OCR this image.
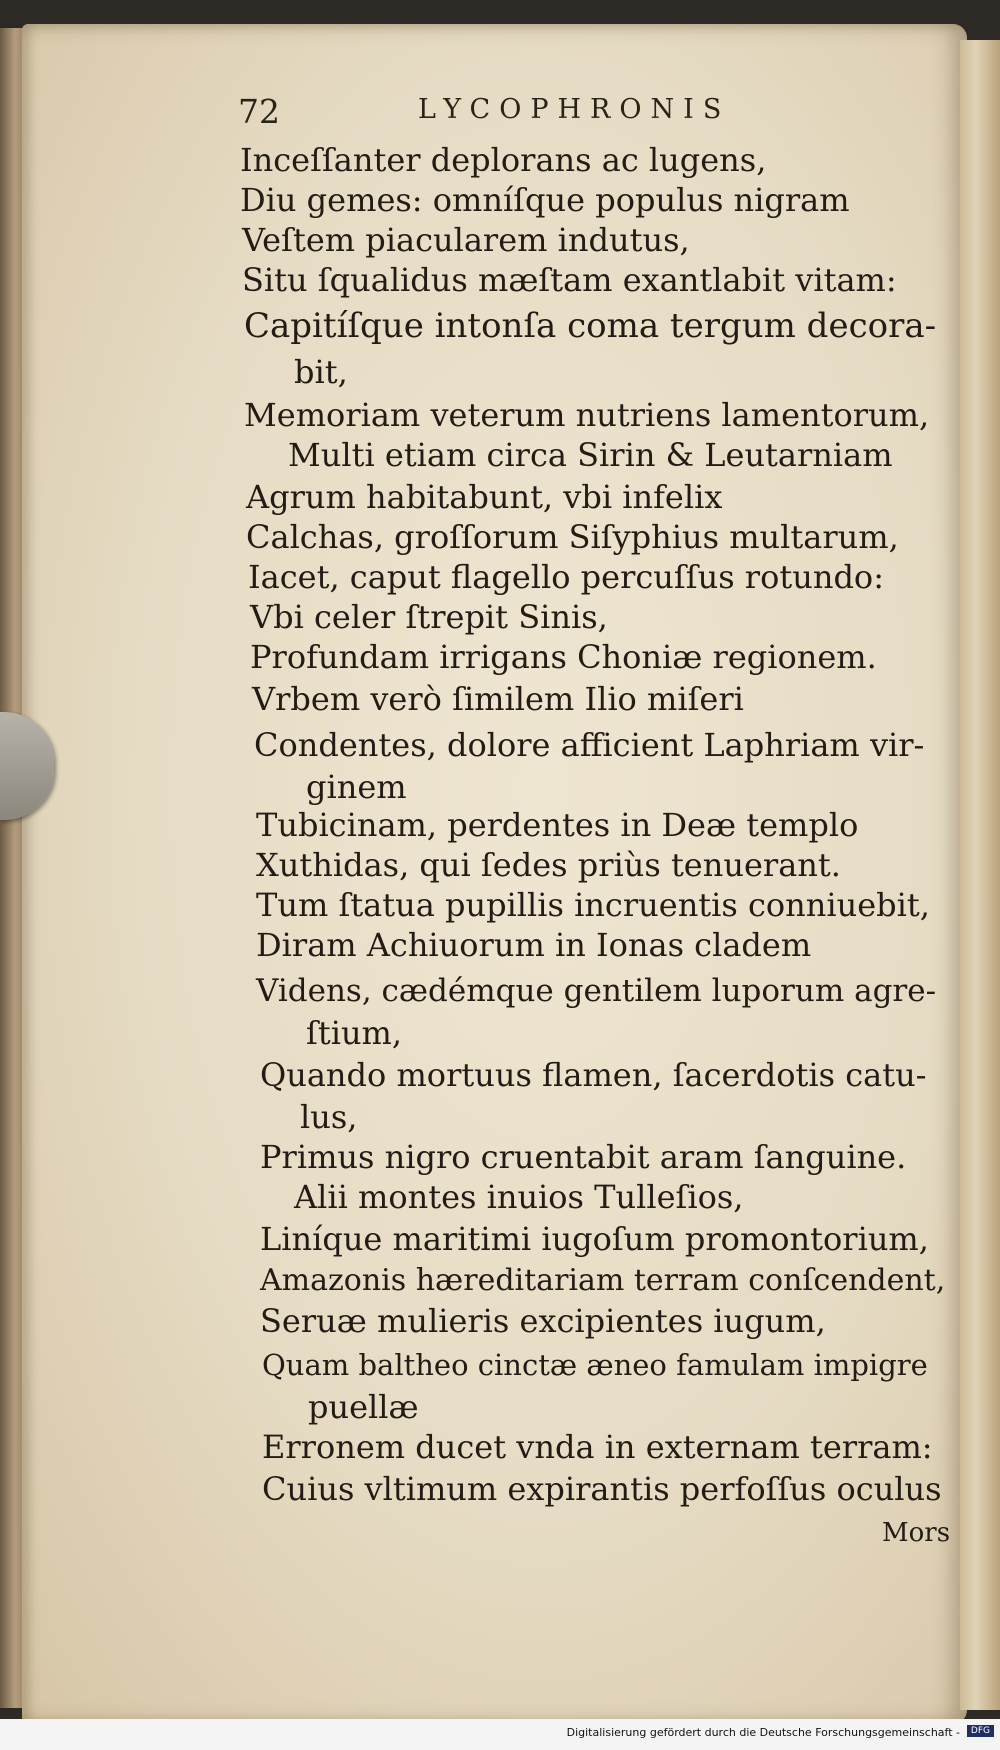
72	LYCOPHRONIS
Inceſſanter deplorans ac lugens,
Diu gemes: omníſque populus nigram
Veſtem piacularem indutus,
Situ ſqualidus mæſtam exantlabit vitam:
Capitíſque intonſa coma tergum decora-
bit,
Memoriam veterum nutriens lamentorum,
Multi etiam circa Sirin & Leutarniam
Agrum habitabunt, vbi infelix
Calchas, groſſorum Siſyphius multarum,
Iacet, caput flagello percuſſus rotundo:
Vbi celer ſtrepit Sinis,
Profundam irrigans Choniæ regionem.
Vrbem verò ſimilem Ilio miſeri
Condentes, dolore afficient Laphriam vir-
ginem
Tubicinam, perdentes in Deæ templo
Xuthidas, qui ſedes priùs tenuerant.
Tum ſtatua pupillis incruentis conniuebit,
Diram Achiuorum in Ionas cladem
Videns, cædémque gentilem luporum agre-
ſtium,
Quando mortuus flamen, ſacerdotis catu-
lus,
Primus nigro cruentabit aram ſanguine.
Alii montes inuios Tulleſios,
Liníque maritimi iugoſum promontorium,
Amazonis hæreditariam terram conſcendent,
Seruæ mulieris excipientes iugum,
Quam baltheo cinctæ æneo famulam impigre
puellæ
Erronem ducet vnda in externam terram:
Cuius vltimum expirantis perfoſſus oculus
Mors
Digitalisierung gefördert durch die Deutsche Forschungsgemeinschaft -	DFG
